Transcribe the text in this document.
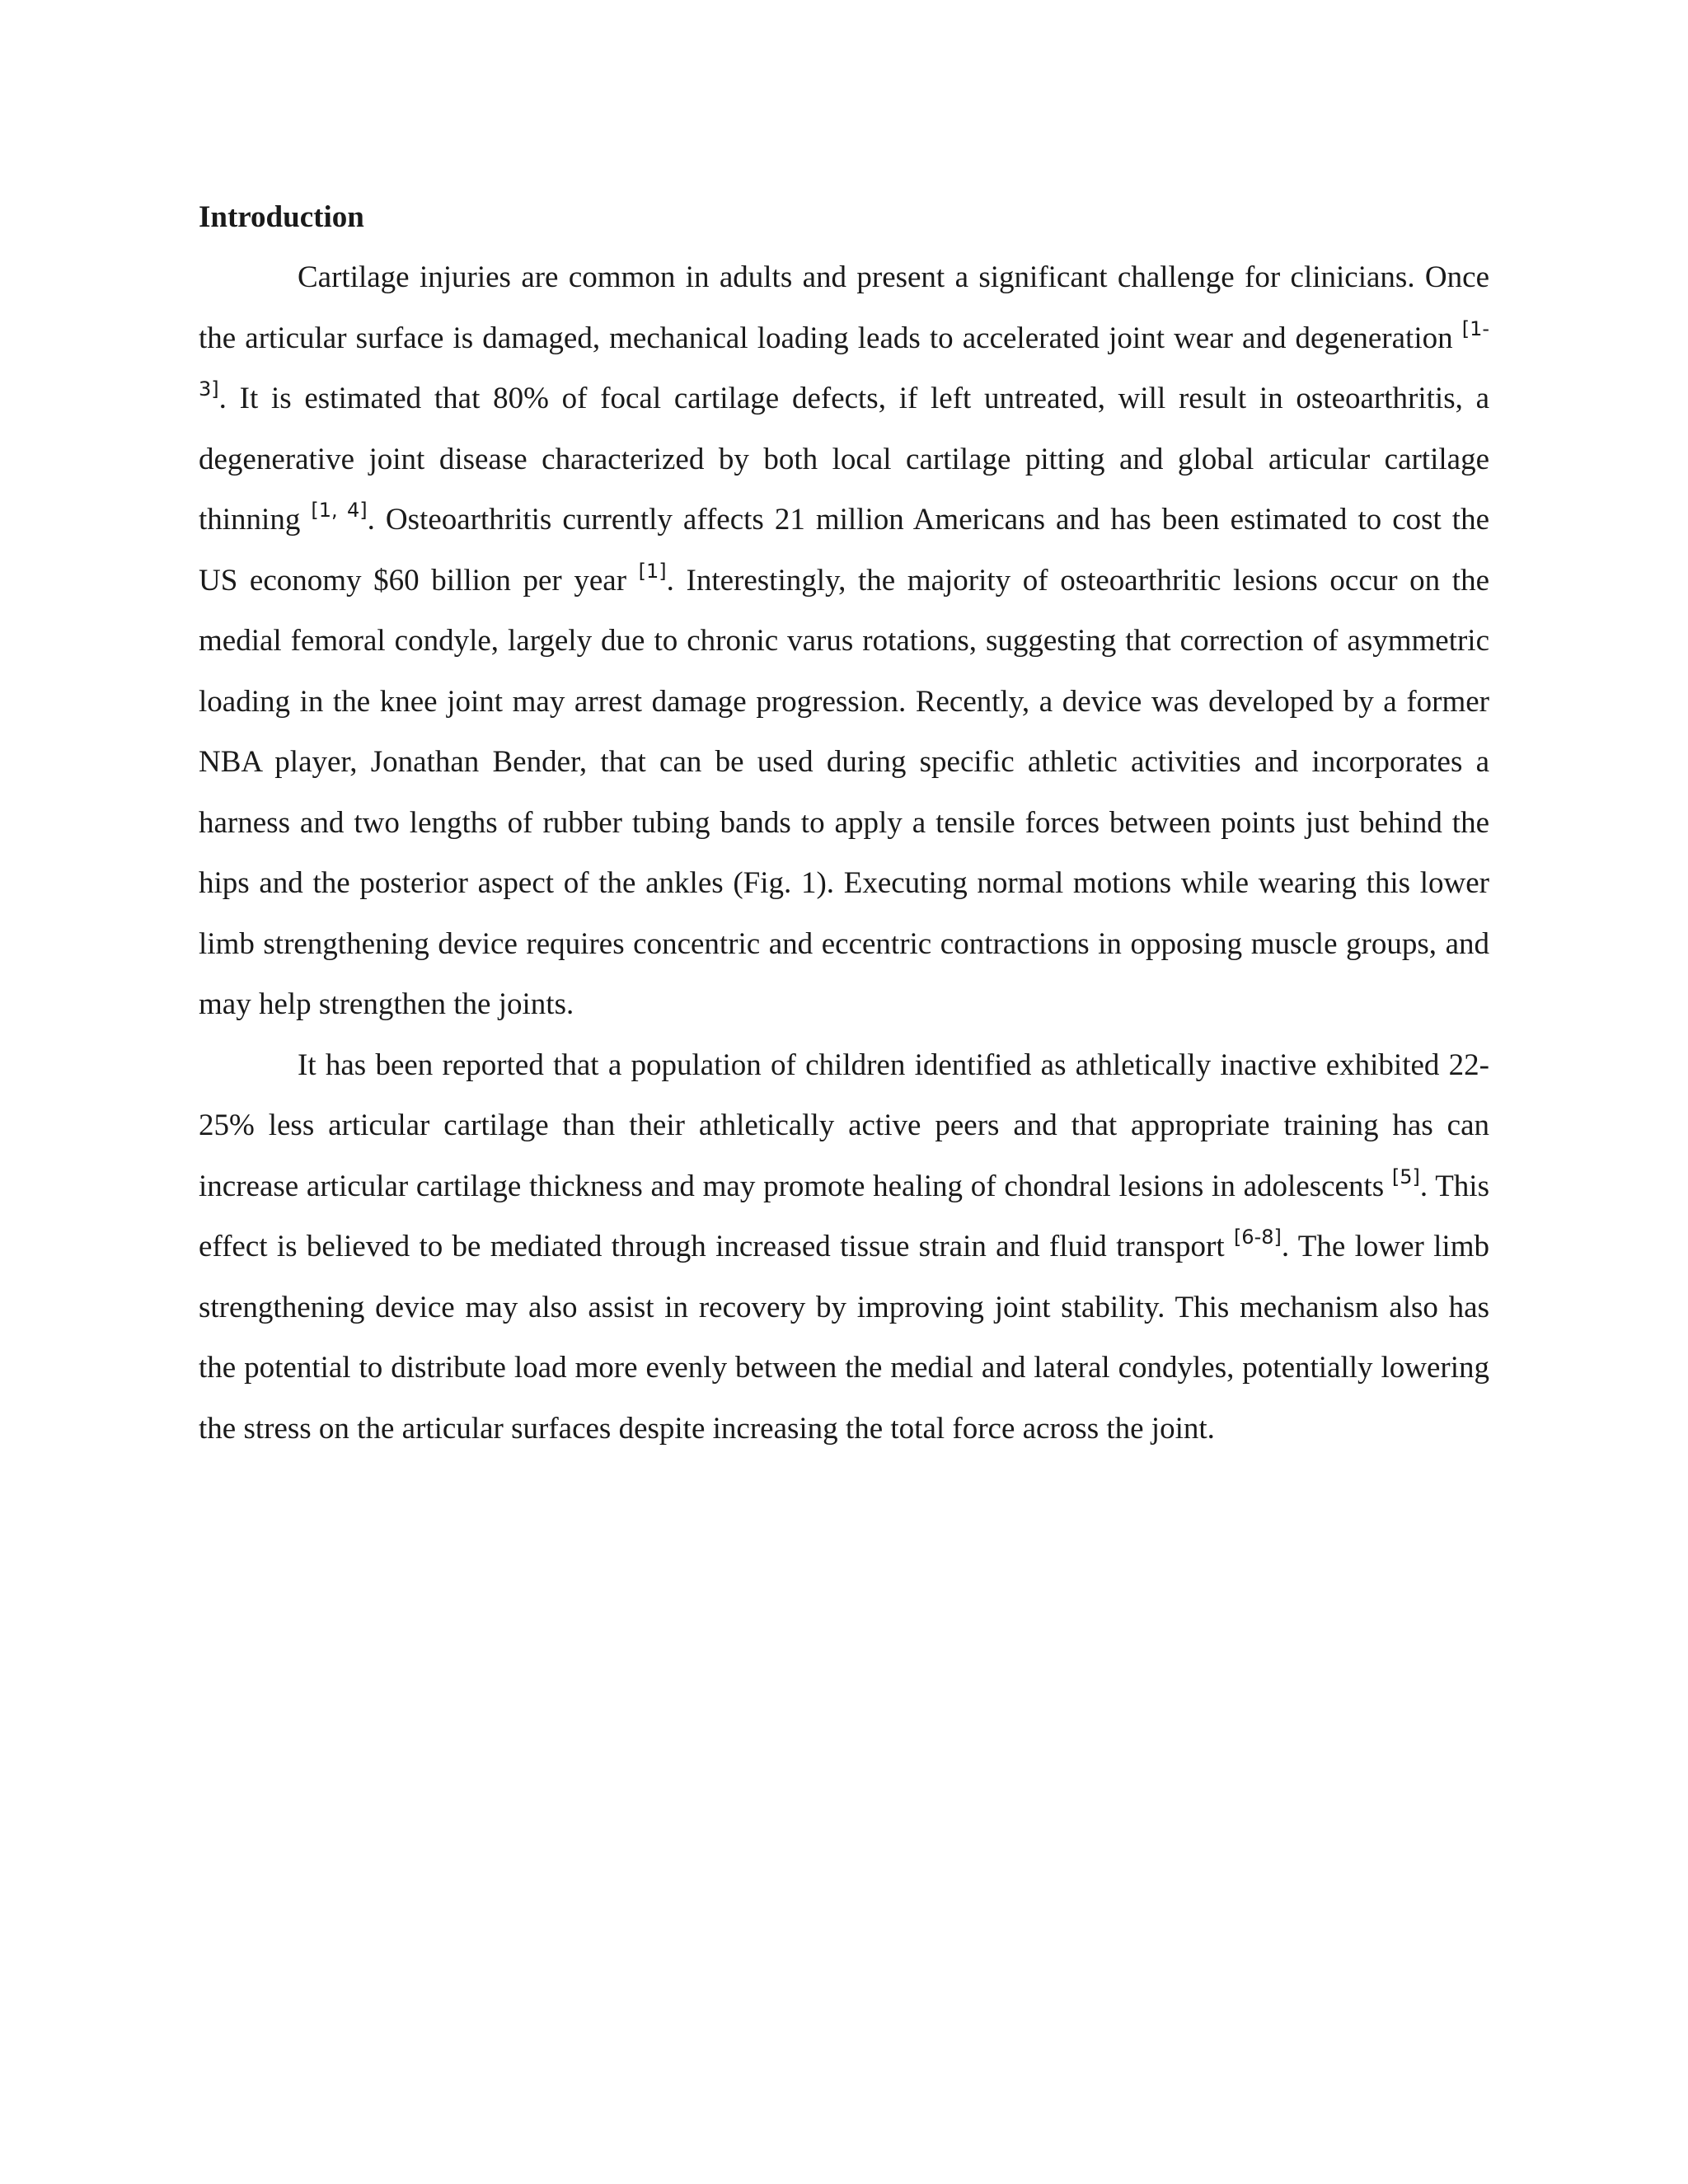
Introduction

Cartilage injuries are common in adults and present a significant challenge for clinicians. Once the articular surface is damaged, mechanical loading leads to accelerated joint wear and degeneration [1-3]. It is estimated that 80% of focal cartilage defects, if left untreated, will result in osteoarthritis, a degenerative joint disease characterized by both local cartilage pitting and global articular cartilage thinning [1, 4]. Osteoarthritis currently affects 21 million Americans and has been estimated to cost the US economy $60 billion per year [1]. Interestingly, the majority of osteoarthritic lesions occur on the medial femoral condyle, largely due to chronic varus rotations, suggesting that correction of asymmetric loading in the knee joint may arrest damage progression. Recently, a device was developed by a former NBA player, Jonathan Bender, that can be used during specific athletic activities and incorporates a harness and two lengths of rubber tubing bands to apply a tensile forces between points just behind the hips and the posterior aspect of the ankles (Fig. 1). Executing normal motions while wearing this lower limb strengthening device requires concentric and eccentric contractions in opposing muscle groups, and may help strengthen the joints.

It has been reported that a population of children identified as athletically inactive exhibited 22-25% less articular cartilage than their athletically active peers and that appropriate training has can increase articular cartilage thickness and may promote healing of chondral lesions in adolescents [5]. This effect is believed to be mediated through increased tissue strain and fluid transport [6-8]. The lower limb strengthening device may also assist in recovery by improving joint stability. This mechanism also has the potential to distribute load more evenly between the medial and lateral condyles, potentially lowering the stress on the articular surfaces despite increasing the total force across the joint.
